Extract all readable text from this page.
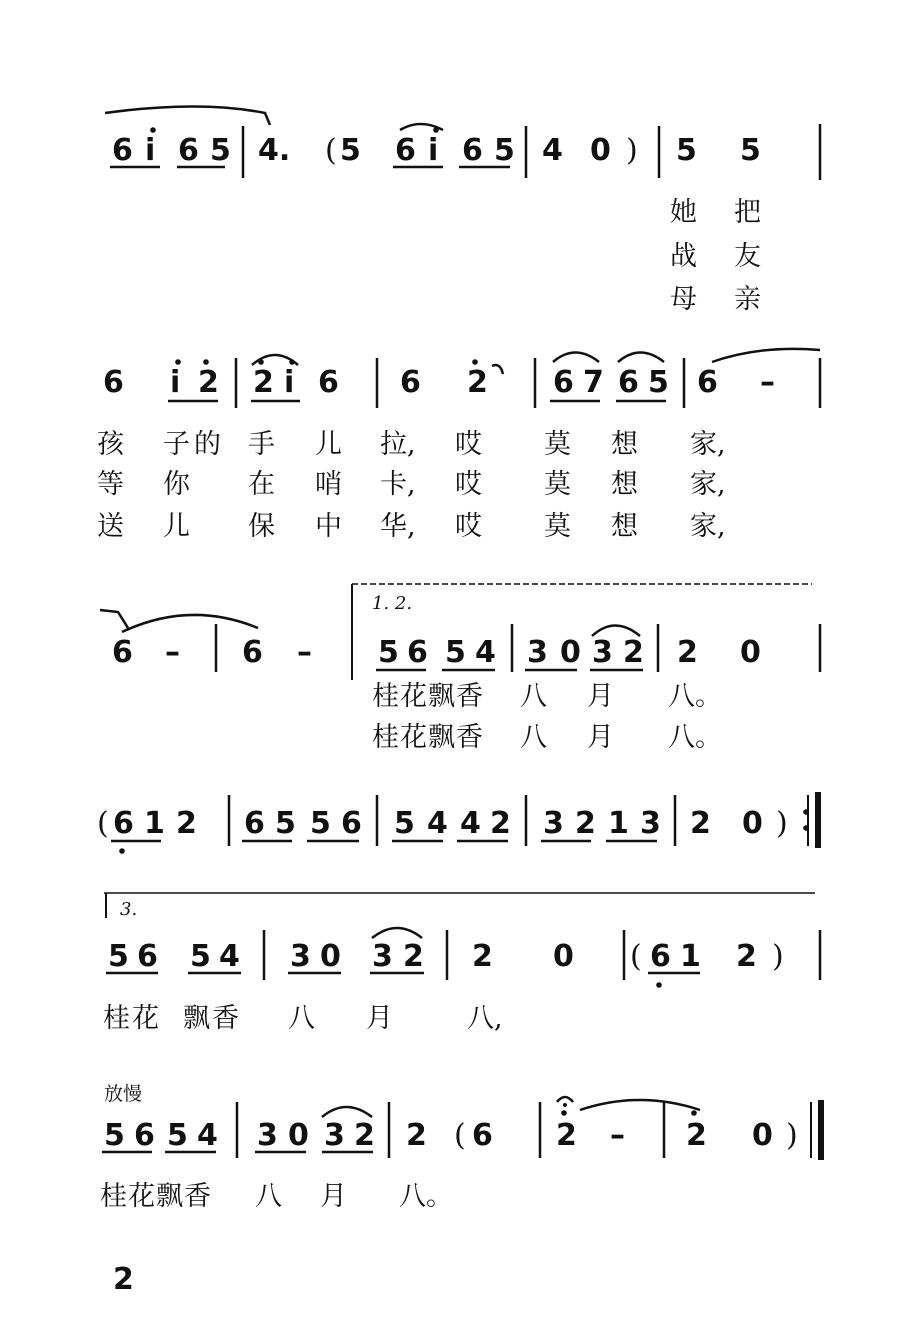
6 i 6 5 4. ( 5 6 i 6 5 4 0 ) 5 5
她 把
战 友
母 亲
6 i 2 2 i 6 6 2 6 7 6 5 6 –
孩 子的 手 儿 拉, 哎 莫 想 家,
等 你 在 哨 卡, 哎 莫 想 家,
送 儿 保 中 华, 哎 莫 想 家,
1. 2.
6 – 6 – 5 6 5 4 3 0 3 2 2 0
桂花飘香 八 月 八。
桂花飘香 八 月 八。
( 6 1 2 6 5 5 6 5 4 4 2 3 2 1 3 2 0 )
3.
5 6 5 4 3 0 3 2 2 0 ( 6 1 2 )
桂花 飘香 八 月	八,
放慢
5 6 5 4 3 0 3 2 2 ( 6 2 – 2 0 )
桂花飘香 八 月 八。
2
